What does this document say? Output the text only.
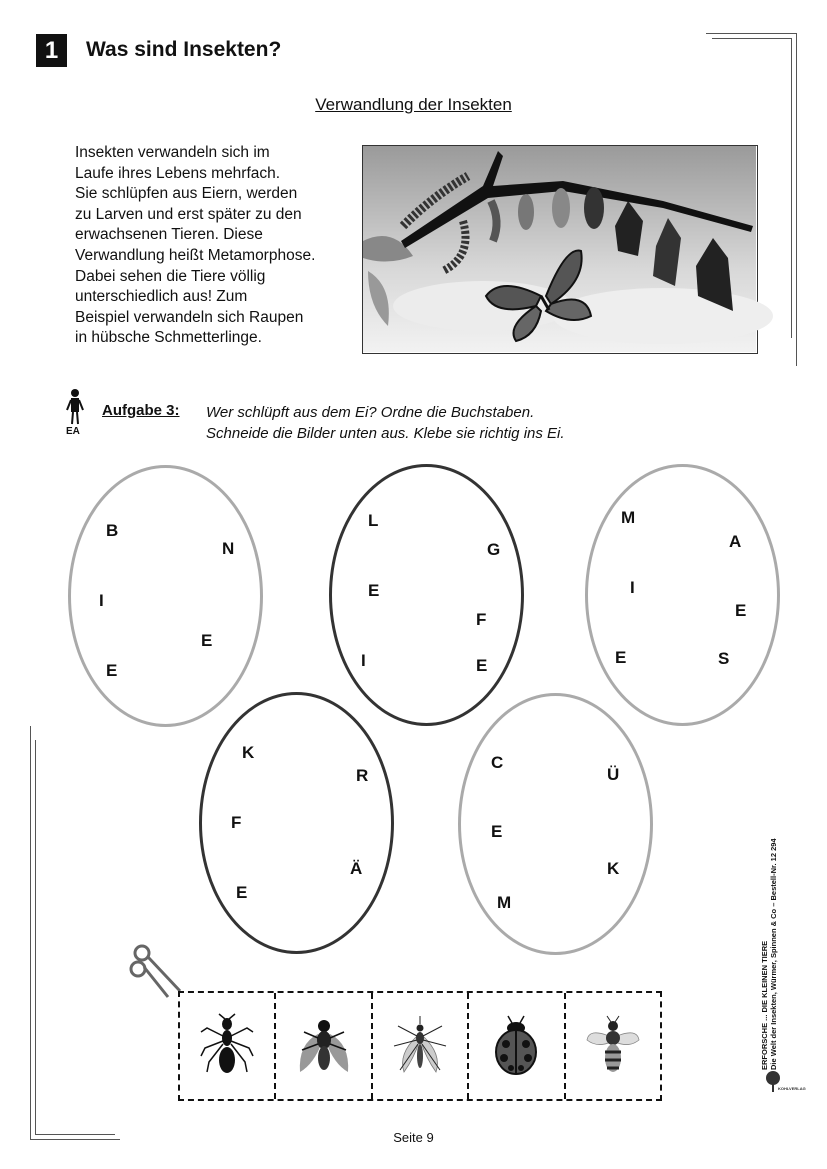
1	Was sind Insekten?
Verwandlung der Insekten
Insekten verwandeln sich im
Laufe ihres Lebens mehrfach.
Sie schlüpfen aus Eiern, werden
zu Larven und erst später zu den
erwachsenen Tieren. Diese
Verwandlung heißt Metamorphose.
Dabei sehen die Tiere völlig
unterschiedlich aus! Zum
Beispiel verwandeln sich Raupen
in hübsche Schmetterlinge.
EA
Aufgabe 3: Wer schlüpft aus dem Ei? Ordne die Buchstaben.
Schneide die Bilder unten aus. Klebe sie richtig ins Ei.
B
N
I
E
E
L
G
E
F
I	E
M
A
I
E
E	S
K
R
F
Ä
E
C
Ü
E
K
M
ERFORSCHE ... DIE KLEINEN TIERE Die Welt der Insekten, Würmer, Spinnen & Co – Bestell-Nr. 12 294
KOHLVERLAG
Seite 9
